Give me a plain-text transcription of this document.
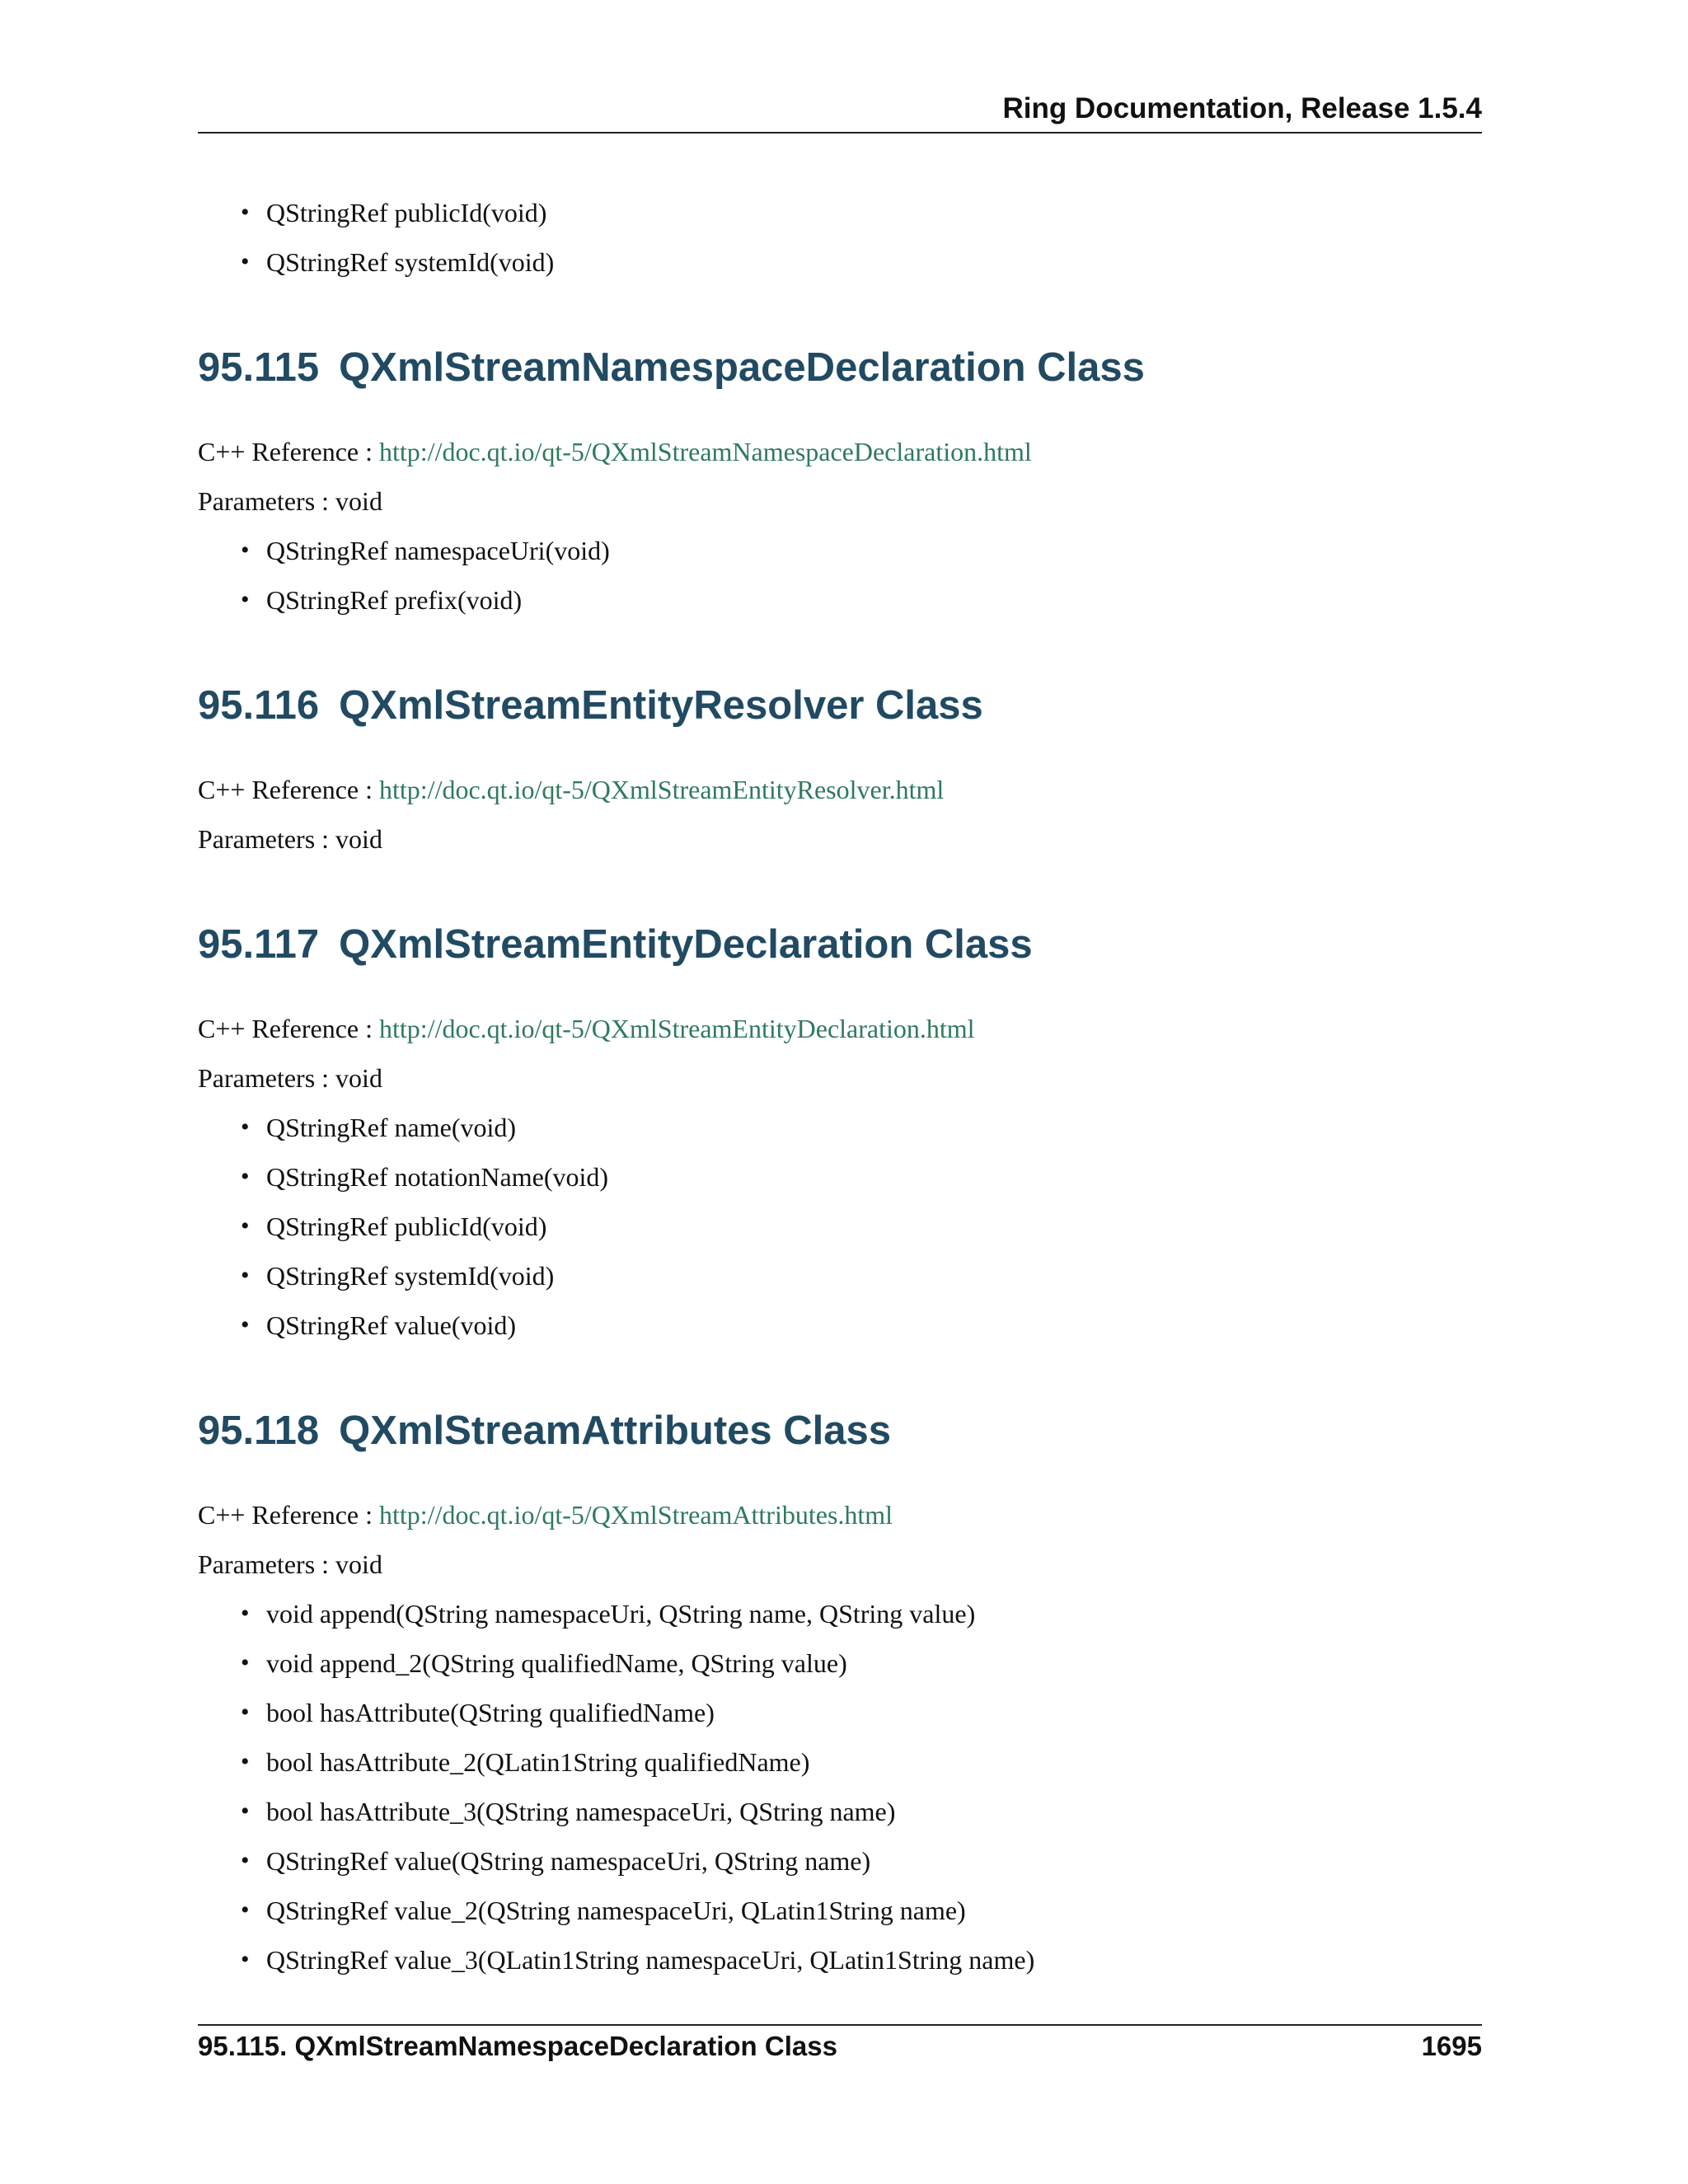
Ring Documentation, Release 1.5.4
• QStringRef publicId(void)
• QStringRef systemId(void)
95.115 QXmlStreamNamespaceDeclaration Class
C++ Reference : http://doc.qt.io/qt-5/QXmlStreamNamespaceDeclaration.html
Parameters : void
• QStringRef namespaceUri(void)
• QStringRef prefix(void)
95.116 QXmlStreamEntityResolver Class
C++ Reference : http://doc.qt.io/qt-5/QXmlStreamEntityResolver.html
Parameters : void
95.117 QXmlStreamEntityDeclaration Class
C++ Reference : http://doc.qt.io/qt-5/QXmlStreamEntityDeclaration.html
Parameters : void
• QStringRef name(void)
• QStringRef notationName(void)
• QStringRef publicId(void)
• QStringRef systemId(void)
• QStringRef value(void)
95.118 QXmlStreamAttributes Class
C++ Reference : http://doc.qt.io/qt-5/QXmlStreamAttributes.html
Parameters : void
• void append(QString namespaceUri, QString name, QString value)
• void append_2(QString qualifiedName, QString value)
• bool hasAttribute(QString qualifiedName)
• bool hasAttribute_2(QLatin1String qualifiedName)
• bool hasAttribute_3(QString namespaceUri, QString name)
• QStringRef value(QString namespaceUri, QString name)
• QStringRef value_2(QString namespaceUri, QLatin1String name)
• QStringRef value_3(QLatin1String namespaceUri, QLatin1String name)
95.115. QXmlStreamNamespaceDeclaration Class	1695
